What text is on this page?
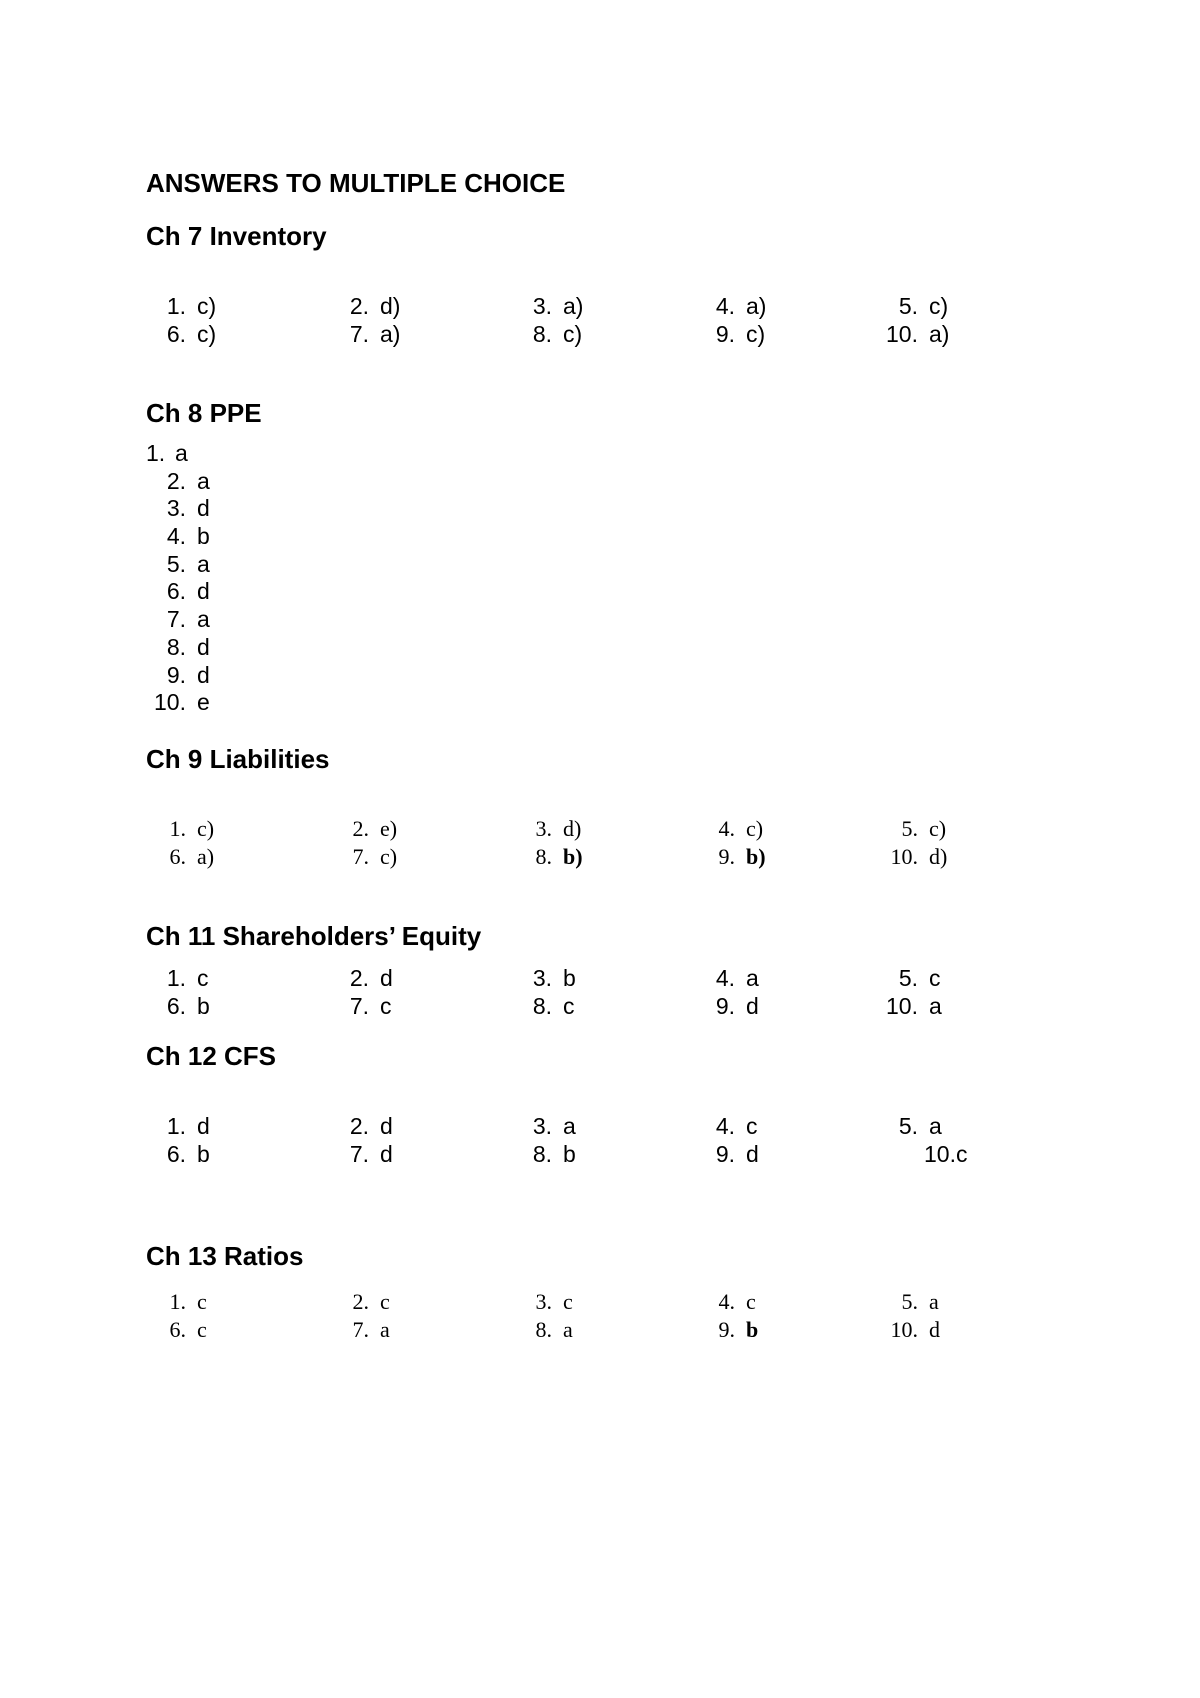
ANSWERS TO MULTIPLE CHOICE
Ch 7 Inventory
1. c)	2. d)	3. a)	4. a)	5. c)
6. c)	7. a)	8. c)	9. c)	10. a)
Ch 8 PPE
1. a
2. a
3. d
4. b
5. a
6. d
7. a
8. d
9. d
10. e
Ch 9 Liabilities
1. c)	2. e)	3. d)	4. c)	5. c)
6. a)	7. c)	8. b)	9. b)	10. d)
Ch 11 Shareholders’ Equity
1. c	2. d	3. b	4. a	5. c
6. b	7. c	8. c	9. d	10. a
Ch 12 CFS
1. d	2. d	3. a	4. c	5. a
6. b	7. d	8. b	9. d	10.c
Ch 13 Ratios
1. c	2. c	3. c	4. c	5. a
6. c	7. a	8. a	9. b	10. d
